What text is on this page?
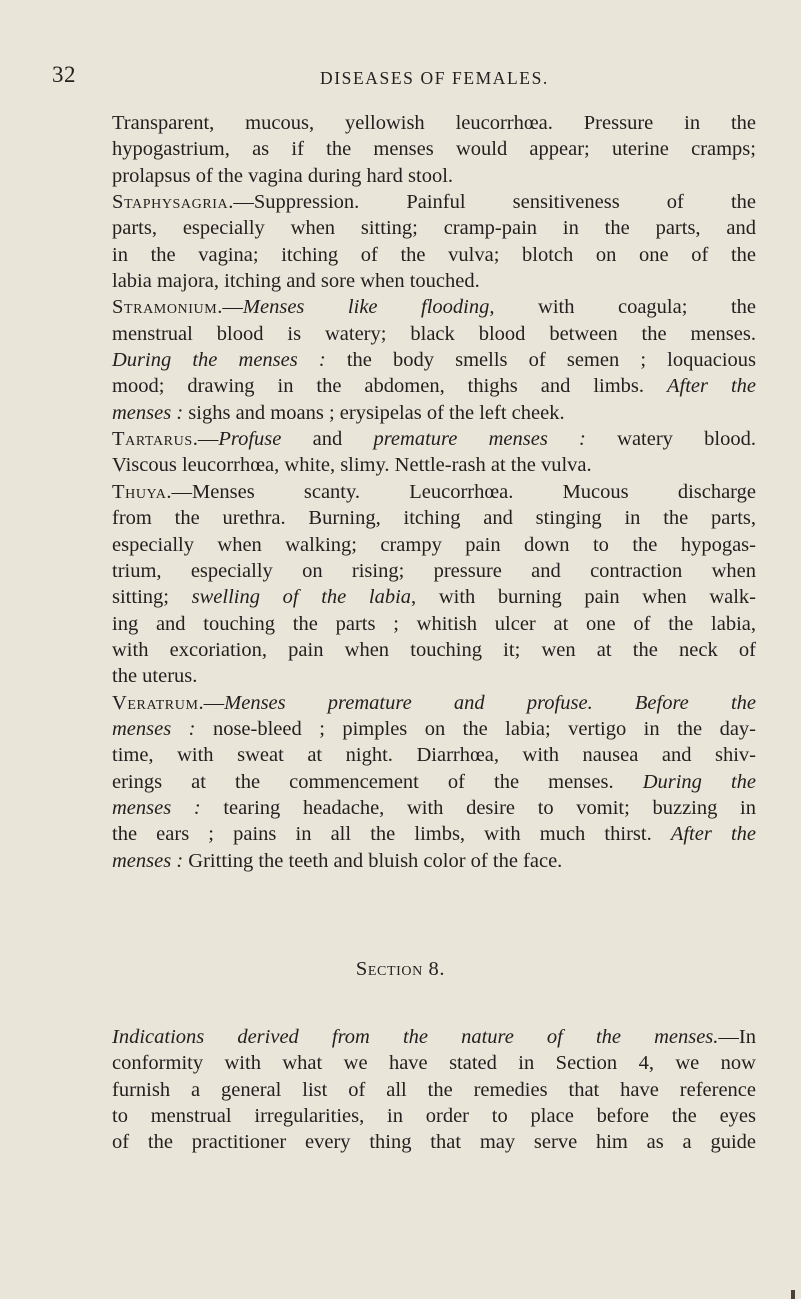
32	DISEASES OF FEMALES.
Transparent, mucous, yellowish leucorrhœa. Pressure in the
hypogastrium, as if the menses would appear; uterine cramps;
prolapsus of the vagina during hard stool.
Staphysagria.—Suppression. Painful sensitiveness of the
parts, especially when sitting; cramp-pain in the parts, and
in the vagina; itching of the vulva; blotch on one of the
labia majora, itching and sore when touched.
Stramonium.—Menses like flooding, with coagula; the
menstrual blood is watery; black blood between the menses.
During the menses : the body smells of semen ; loquacious
mood; drawing in the abdomen, thighs and limbs. After the
menses : sighs and moans ; erysipelas of the left cheek.
Tartarus.—Profuse and premature menses : watery blood.
Viscous leucorrhœa, white, slimy. Nettle-rash at the vulva.
Thuya.—Menses scanty. Leucorrhœa. Mucous discharge
from the urethra. Burning, itching and stinging in the parts,
especially when walking; crampy pain down to the hypogas-
trium, especially on rising; pressure and contraction when
sitting; swelling of the labia, with burning pain when walk-
ing and touching the parts ; whitish ulcer at one of the labia,
with excoriation, pain when touching it; wen at the neck of
the uterus.
Veratrum.—Menses premature and profuse. Before the
menses : nose-bleed ; pimples on the labia; vertigo in the day-
time, with sweat at night. Diarrhœa, with nausea and shiv-
erings at the commencement of the menses. During the
menses : tearing headache, with desire to vomit; buzzing in
the ears ; pains in all the limbs, with much thirst. After the
menses : Gritting the teeth and bluish color of the face.
Section 8.
Indications derived from the nature of the menses.—In
conformity with what we have stated in Section 4, we now
furnish a general list of all the remedies that have reference
to menstrual irregularities, in order to place before the eyes
of the practitioner every thing that may serve him as a guide
